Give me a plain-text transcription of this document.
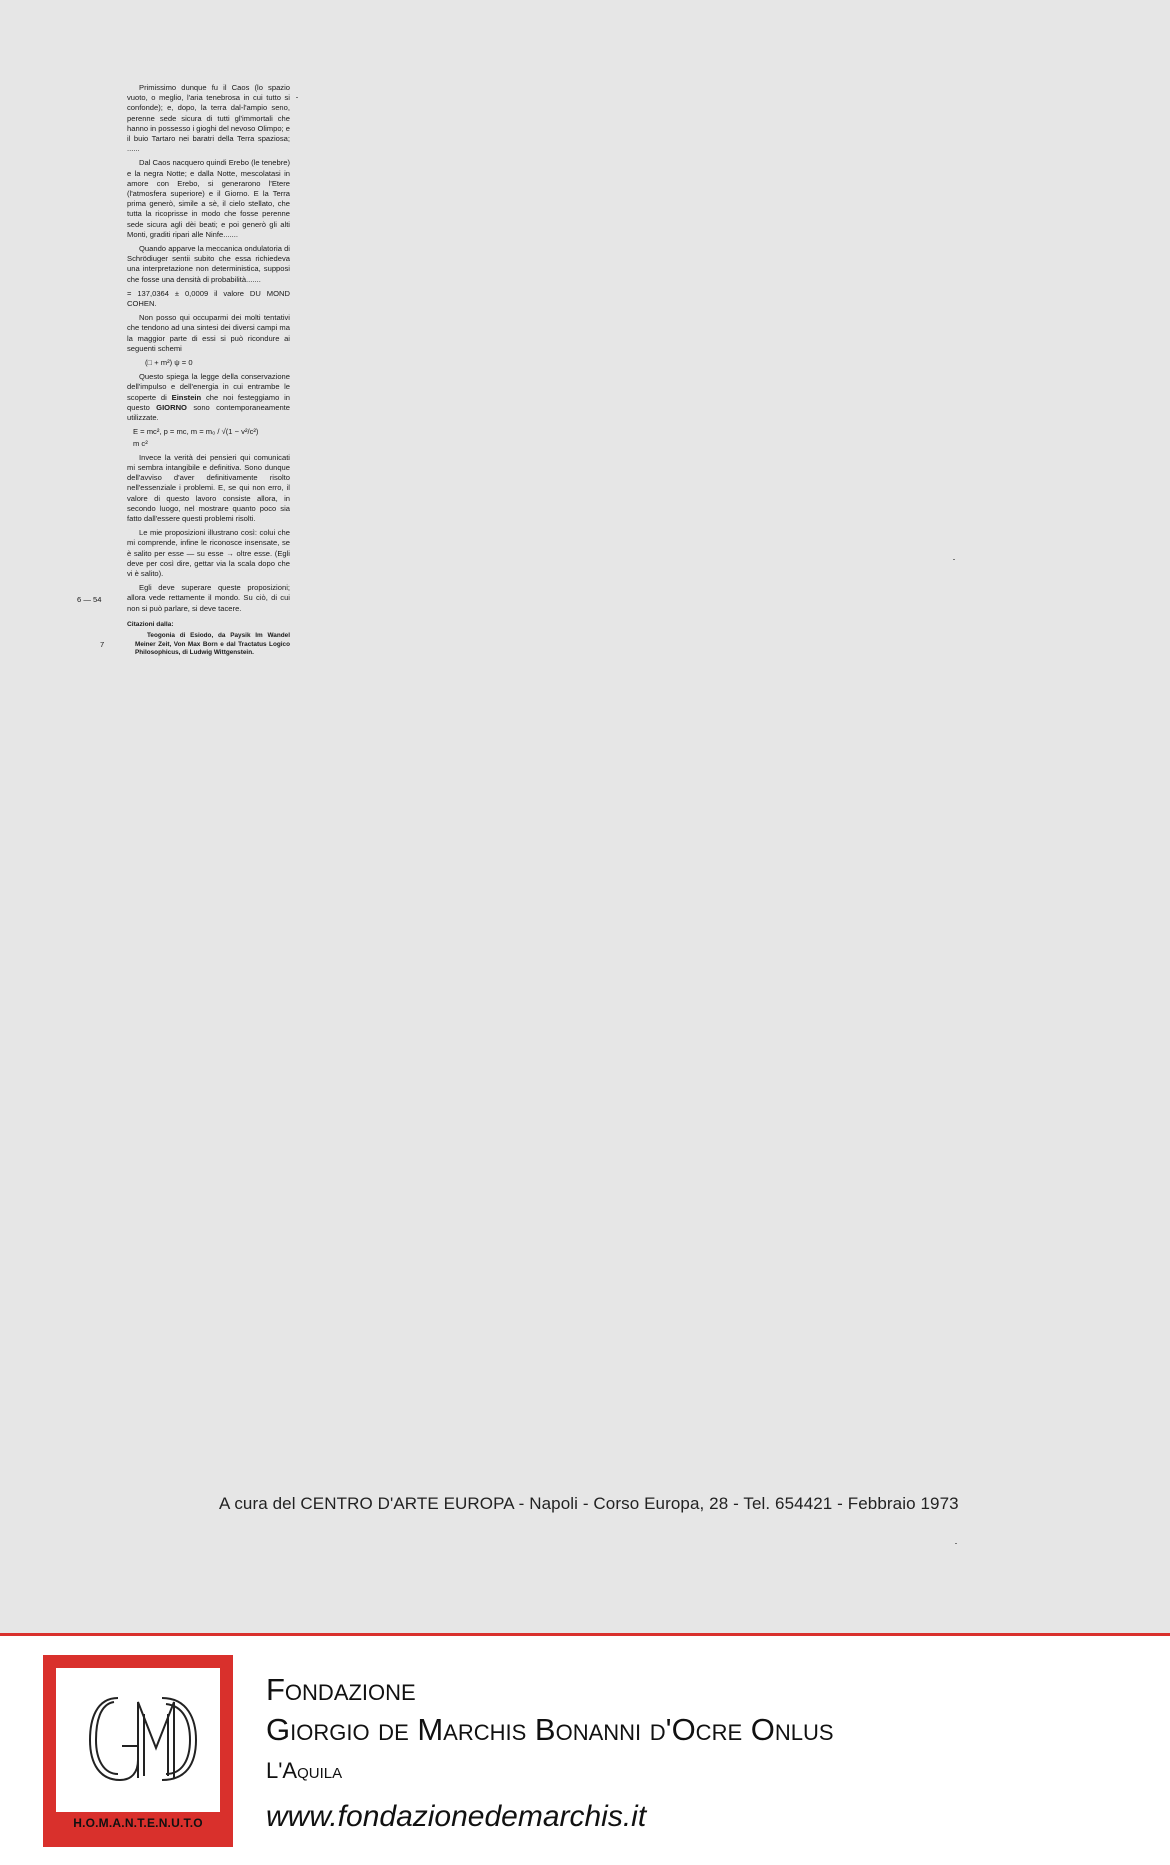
Primissimo dunque fu il Caos (lo spazio vuoto, o meglio, l'aria tenebrosa in cui tutto si confonde); e, dopo, la terra dal-l'ampio seno, perenne sede sicura di tutti gl'immortali che hanno in possesso i gioghi del nevoso Olimpo; e il buio Tartaro nei baratri della Terra spaziosa; ......

Dal Caos nacquero quindi Erebo (le tenebre) e la negra Notte; e dalla Notte, mescolatasi in amore con Erebo, si generarono l'Etere (l'atmosfera superiore) e il Giorno. E la Terra prima generò, simile a sè, il cielo stellato, che tutta la ricoprisse in modo che fosse perenne sede sicura agli dèi beati; e poi generò gli alti Monti, graditi ripari alle Ninfe.......

Quando apparve la meccanica ondulatoria di Schrödiuger sentii subito che essa richiedeva una interpretazione non deterministica, supposi che fosse una densità di probabilità.......

= 137,0364 ± 0,0009 il valore DU MOND COHEN.

Non posso qui occuparmi dei molti tentativi che tendono ad una sintesi dei diversi campi ma la maggior parte di essi si può ricondure ai seguenti schemi

(□ + m²) ψ = 0

Questo spiega la legge della conservazione dell'impulso e dell'energia in cui entrambe le scoperte di Einstein che noi festeggiamo in questo GIORNO sono contemporaneamente utilizzate.

E = mc², p = mc, m = m₀ / √(1 − v²/c²)
m c²

Invece la verità dei pensieri qui comunicati mi sembra intangibile e definitiva. Sono dunque dell'avviso d'aver definitivamente risolto nell'essenziale i problemi. E, se qui non erro, il valore di questo lavoro consiste allora, in secondo luogo, nel mostrare quanto poco sia fatto dall'essere questi problemi risolti.

Le mie proposizioni illustrano così: colui che mi comprende, infine le riconosce insensate, se è salito per esse — su esse → oltre esse. (Egli deve per così dire, gettar via la scala dopo che vi è salito).

Egli deve superare queste proposizioni; allora vede rettamente il mondo. Su ciò, di cui non si può parlare, si deve tacere.

Citazioni dalla:

Teogonia di Esiodo, da Paysik Im Wandel Meiner Zeit, Von Max Born e dal Tractatus Logico Philosophicus, di Ludwig Wittgenstein.

6 — 54
7
A cura del CENTRO D'ARTE EUROPA - Napoli - Corso Europa, 28 - Tel. 654421 - Febbraio 1973
H.O.M.A.N.T.E.N.U.T.O
Fondazione
Giorgio de Marchis Bonanni d'Ocre Onlus
L'Aquila
www.fondazionedemarchis.it
